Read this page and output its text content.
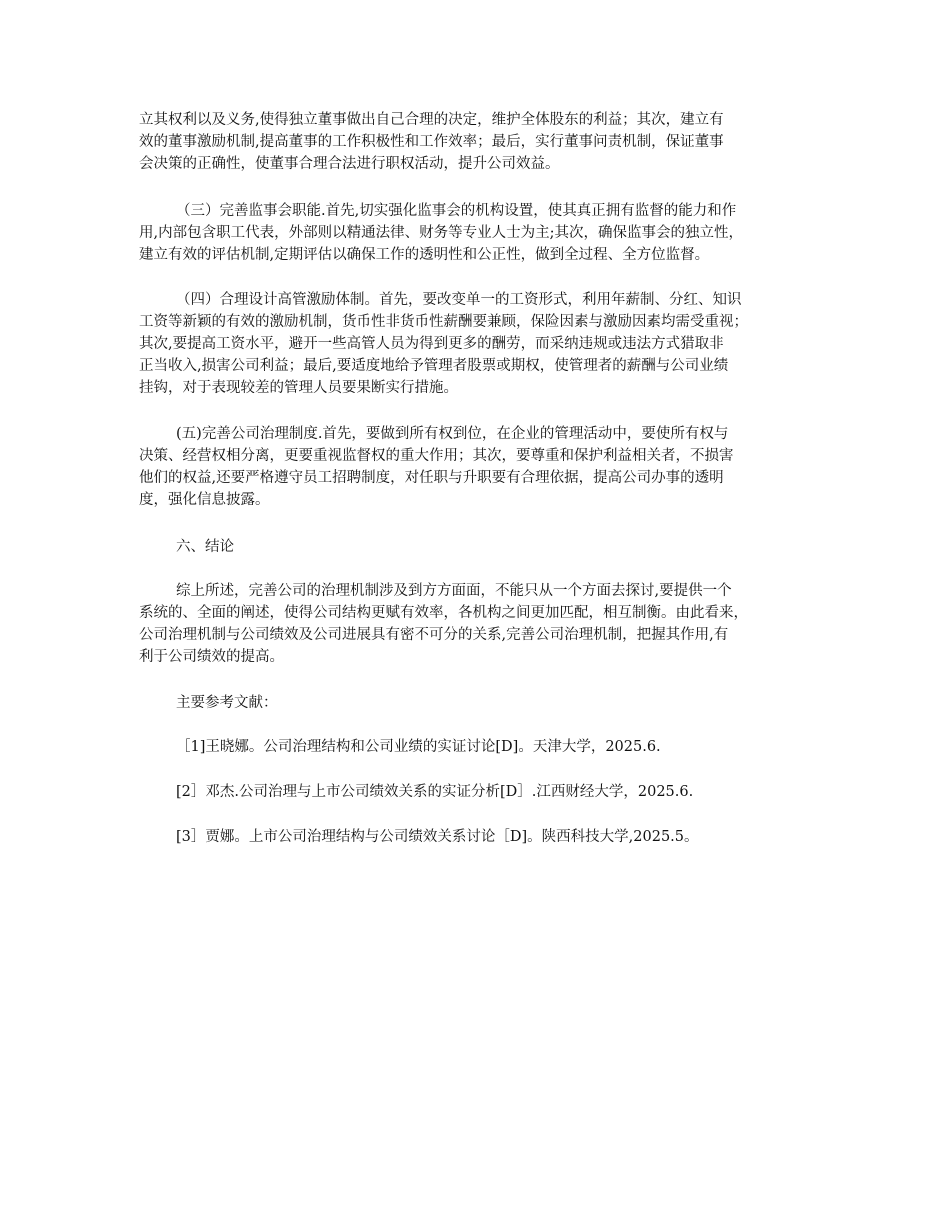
立其权利以及义务,使得独立董事做出自己合理的决定，维护全体股东的利益；其次，建立有
效的董事激励机制,提高董事的工作积极性和工作效率；最后，实行董事问责机制，保证董事
会决策的正确性，使董事合理合法进行职权活动，提升公司效益。
（三）完善监事会职能.首先,切实强化监事会的机构设置，使其真正拥有监督的能力和作
用,内部包含职工代表，外部则以精通法律、财务等专业人士为主;其次，确保监事会的独立性，
建立有效的评估机制,定期评估以确保工作的透明性和公正性，做到全过程、全方位监督。
（四）合理设计高管激励体制。首先，要改变单一的工资形式，利用年薪制、分红、知识
工资等新颖的有效的激励机制，货币性非货币性薪酬要兼顾，保险因素与激励因素均需受重视；
其次,要提高工资水平，避开一些高管人员为得到更多的酬劳，而采纳违规或违法方式猎取非
正当收入,损害公司利益；最后,要适度地给予管理者股票或期权，使管理者的薪酬与公司业绩
挂钩，对于表现较差的管理人员要果断实行措施。
(五)完善公司治理制度.首先，要做到所有权到位，在企业的管理活动中，要使所有权与
决策、经营权相分离，更要重视监督权的重大作用；其次，要尊重和保护利益相关者，不损害
他们的权益,还要严格遵守员工招聘制度，对任职与升职要有合理依据，提高公司办事的透明
度，强化信息披露。
六、结论
综上所述，完善公司的治理机制涉及到方方面面，不能只从一个方面去探讨,要提供一个
系统的、全面的阐述，使得公司结构更赋有效率，各机构之间更加匹配，相互制衡。由此看来，
公司治理机制与公司绩效及公司进展具有密不可分的关系,完善公司治理机制，把握其作用,有
利于公司绩效的提高。
主要参考文献：
［1]王晓娜。公司治理结构和公司业绩的实证讨论[D]。天津大学，2025.6.
[2］邓杰.公司治理与上市公司绩效关系的实证分析[D］.江西财经大学，2025.6.
[3］贾娜。上市公司治理结构与公司绩效关系讨论［D]。陕西科技大学,2025.5。
